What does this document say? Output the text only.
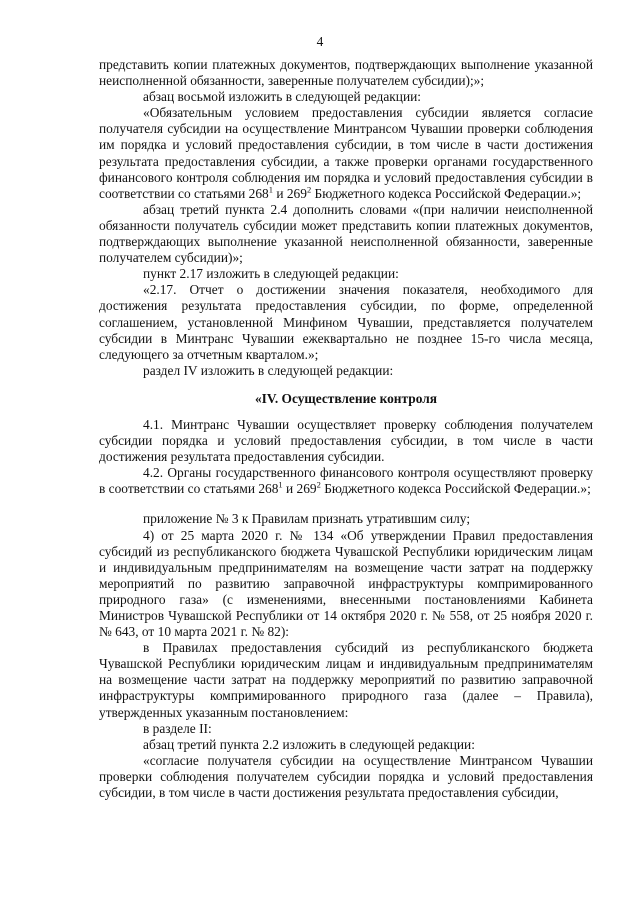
4

представить копии платежных документов, подтверждающих выполнение указанной неисполненной обязанности, заверенные получателем субсидии);»;

абзац восьмой изложить в следующей редакции:

«Обязательным условием предоставления субсидии является согласие получателя субсидии на осуществление Минтрансом Чувашии проверки соблюдения им порядка и условий предоставления субсидии, в том числе в части достижения результата предоставления субсидии, а также проверки органами государственного финансового контроля соблюдения им порядка и условий предоставления субсидии в соответствии со статьями $268^1$ и $269^2$ Бюджетного кодекса Российской Федерации.»;

абзац третий пункта 2.4 дополнить словами «(при наличии неисполненной обязанности получатель субсидии может представить копии платежных документов, подтверждающих выполнение указанной неисполненной обязанности, заверенные получателем субсидии)»;

пункт 2.17 изложить в следующей редакции:

«2.17. Отчет о достижении значения показателя, необходимого для достижения результата предоставления субсидии, по форме, определенной соглашением, установленной Минфином Чувашии, представляется получателем субсидии в Минтранс Чувашии ежеквартально не позднее 15-го числа месяца, следующего за отчетным кварталом.»;

раздел IV изложить в следующей редакции:

«IV. Осуществление контроля

4.1. Минтранс Чувашии осуществляет проверку соблюдения получателем субсидии порядка и условий предоставления субсидии, в том числе в части достижения результата предоставления субсидии.

4.2. Органы государственного финансового контроля осуществляют проверку в соответствии со статьями $268^1$ и $269^2$ Бюджетного кодекса Российской Федерации.»;

приложение № 3 к Правилам признать утратившим силу;

4) от 25 марта 2020 г. № 134 «Об утверждении Правил предоставления субсидий из республиканского бюджета Чувашской Республики юридическим лицам и индивидуальным предпринимателям на возмещение части затрат на поддержку мероприятий по развитию заправочной инфраструктуры компримированного природного газа» (с изменениями, внесенными постановлениями Кабинета Министров Чувашской Республики от 14 октября 2020 г. № 558, от 25 ноября 2020 г. № 643, от 10 марта 2021 г. № 82):

в Правилах предоставления субсидий из республиканского бюджета Чувашской Республики юридическим лицам и индивидуальным предпринимателям на возмещение части затрат на поддержку мероприятий по развитию заправочной инфраструктуры компримированного природного газа (далее – Правила), утвержденных указанным постановлением:

в разделе II:

абзац третий пункта 2.2 изложить в следующей редакции:

«согласие получателя субсидии на осуществление Минтрансом Чувашии проверки соблюдения получателем субсидии порядка и условий предоставления субсидии, в том числе в части достижения результата предоставления субсидии,
